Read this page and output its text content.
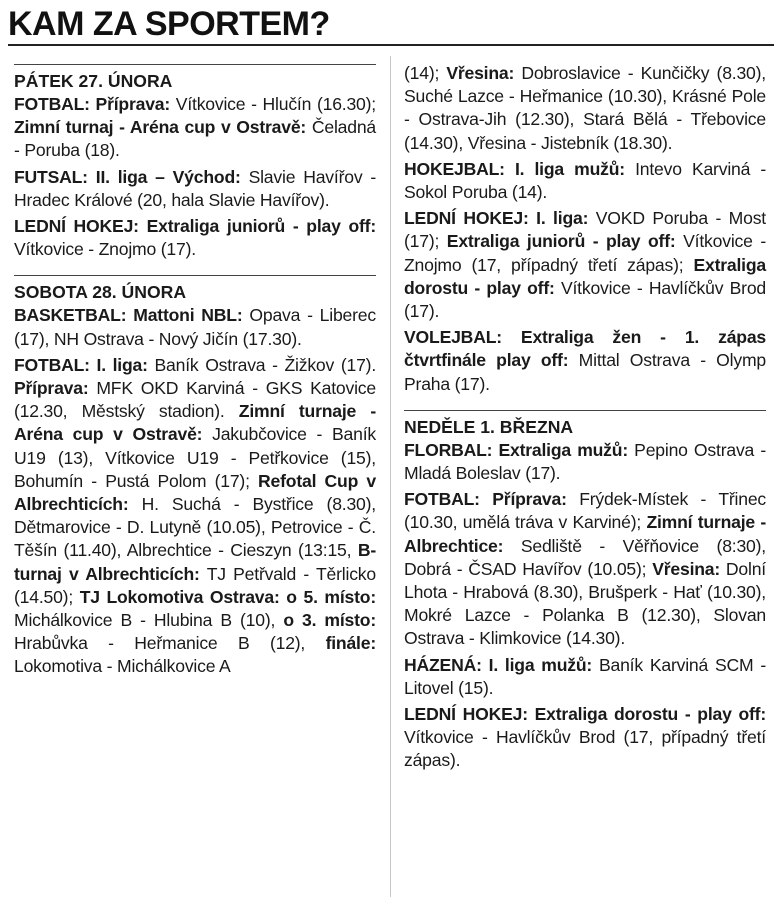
KAM ZA SPORTEM?
PÁTEK 27. ÚNORA

FOTBAL: Příprava: Vítkovice - Hlučín (16.30); Zimní turnaj - Aréna cup v Ostravě: Čeladná - Poruba (18).

FUTSAL: II. liga – Východ: Slavie Havířov - Hradec Králové (20, hala Slavie Havířov).

LEDNÍ HOKEJ: Extraliga juniorů - play off: Vítkovice - Znojmo (17).

SOBOTA 28. ÚNORA

BASKETBAL: Mattoni NBL: Opava - Liberec (17), NH Ostrava - Nový Jičín (17.30).

FOTBAL: I. liga: Baník Ostrava - Žižkov (17). Příprava: MFK OKD Karviná - GKS Katovice (12.30, Městský stadion). Zimní turnaje - Aréna cup v Ostravě: Jakubčovice - Baník U19 (13), Vítkovice U19 - Petřkovice (15), Bohumín - Pustá Polom (17); Refotal Cup v Albrechticích: H. Suchá - Bystřice (8.30), Dětmarovice - D. Lutyně (10.05), Petrovice - Č. Těšín (11.40), Albrechtice - Cieszyn (13:15, B-turnaj v Albrechticích: TJ Petřvald - Těrlicko (14.50); TJ Lokomotiva Ostrava: o 5. místo: Michálkovice B - Hlubina B (10), o 3. místo: Hrabůvka - Heřmanice B (12), finále: Lokomotiva - Michálkovice A

(14); Vřesina: Dobroslavice - Kunčičky (8.30), Suché Lazce - Heřmanice (10.30), Krásné Pole - Ostrava-Jih (12.30), Stará Bělá - Třebovice (14.30), Vřesina - Jistebník (18.30).

HOKEJBAL: I. liga mužů: Intevo Karviná - Sokol Poruba (14).

LEDNÍ HOKEJ: I. liga: VOKD Poruba - Most (17); Extraliga juniorů - play off: Vítkovice - Znojmo (17, případný třetí zápas); Extraliga dorostu - play off: Vítkovice - Havlíčkův Brod (17).

VOLEJBAL: Extraliga žen - 1. zápas čtvrtfinále play off: Mittal Ostrava - Olymp Praha (17).

NEDĚLE 1. BŘEZNA

FLORBAL: Extraliga mužů: Pepino Ostrava - Mladá Boleslav (17).

FOTBAL: Příprava: Frýdek-Místek - Třinec (10.30, umělá tráva v Karviné); Zimní turnaje - Albrechtice: Sedliště - Věřňovice (8:30), Dobrá - ČSAD Havířov (10.05); Vřesina: Dolní Lhota - Hrabová (8.30), Brušperk - Hať (10.30), Mokré Lazce - Polanka B (12.30), Slovan Ostrava - Klimkovice (14.30).

HÁZENÁ: I. liga mužů: Baník Karviná SCM - Litovel (15).

LEDNÍ HOKEJ: Extraliga dorostu - play off: Vítkovice - Havlíčkův Brod (17, případný třetí zápas).
